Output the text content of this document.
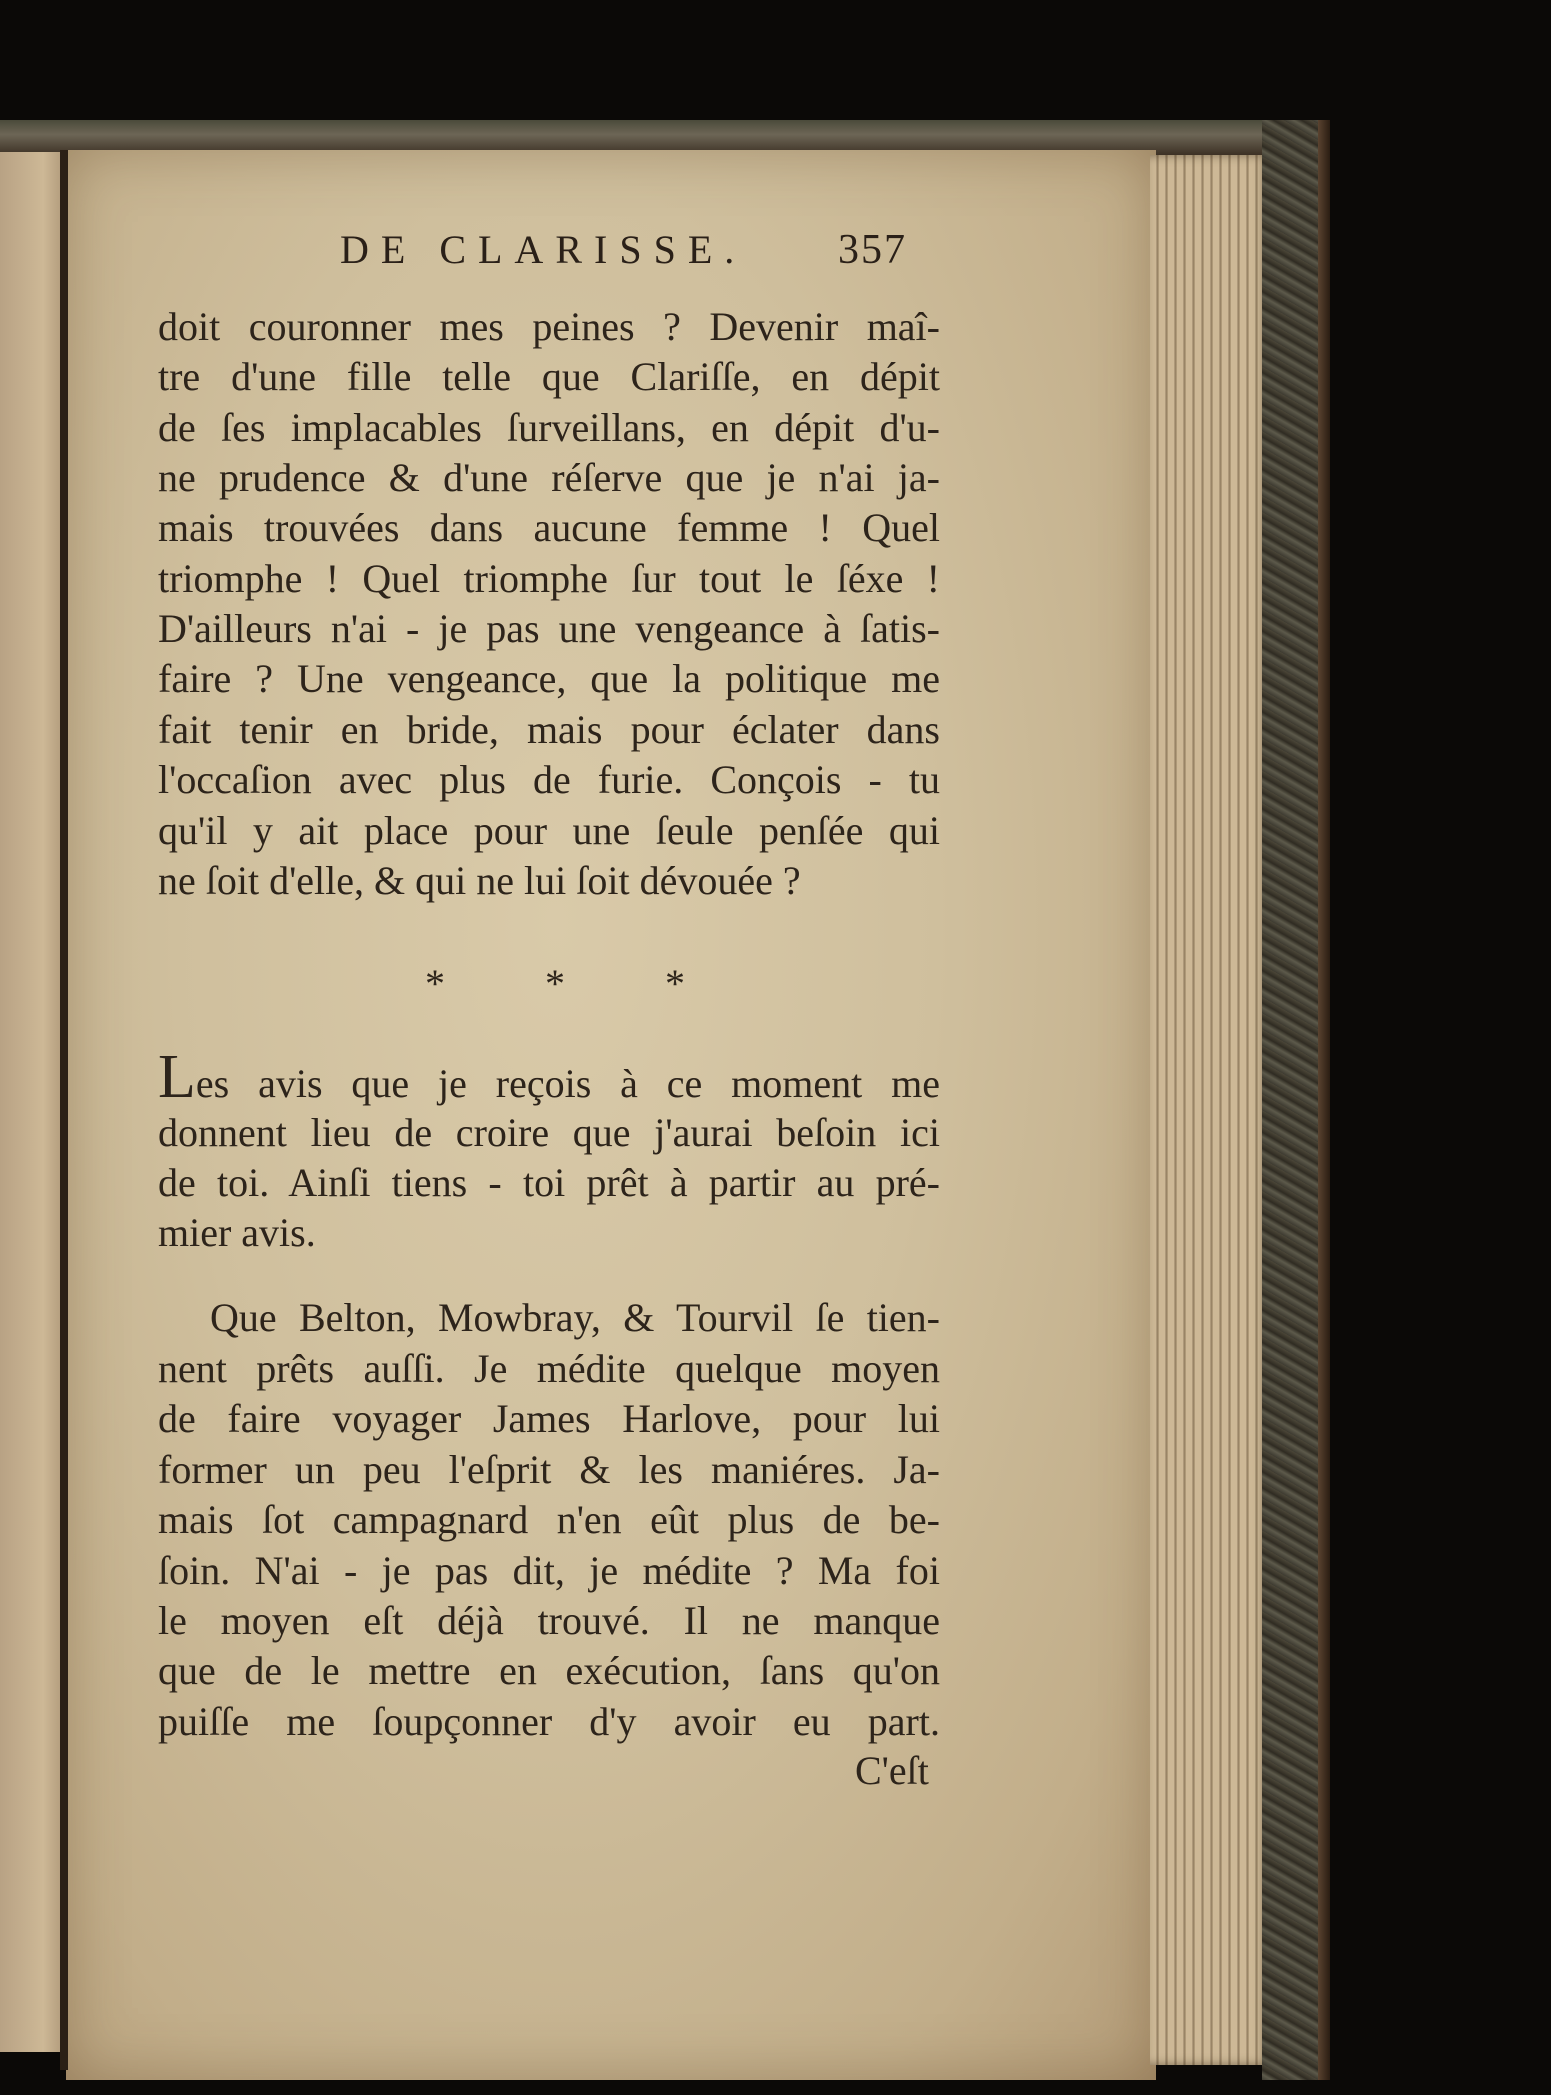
DE CLARISSE. 357
doit couronner mes peines ? Devenir maî-
tre d'une fille telle que Clariſſe, en dépit
de ſes implacables ſurveillans, en dépit d'u-
ne prudence & d'une réſerve que je n'ai ja-
mais trouvées dans aucune femme ! Quel
triomphe ! Quel triomphe ſur tout le ſéxe !
D'ailleurs n'ai - je pas une vengeance à ſatis-
faire ? Une vengeance, que la politique me
fait tenir en bride, mais pour éclater dans
l'occaſion avec plus de furie. Conçois - tu
qu'il y ait place pour une ſeule penſée qui
ne ſoit d'elle, & qui ne lui ſoit dévouée ?
*	*	*
Les avis que je reçois à ce moment me
donnent lieu de croire que j'aurai beſoin ici
de toi. Ainſi tiens - toi prêt à partir au pré-
mier avis.
Que Belton, Mowbray, & Tourvil ſe tien-
nent prêts auſſi. Je médite quelque moyen
de faire voyager James Harlove, pour lui
former un peu l'eſprit & les maniéres. Ja-
mais ſot campagnard n'en eût plus de be-
ſoin. N'ai - je pas dit, je médite ? Ma foi
le moyen eſt déjà trouvé. Il ne manque
que de le mettre en exécution, ſans qu'on
puiſſe me ſoupçonner d'y avoir eu part.
C'eſt
